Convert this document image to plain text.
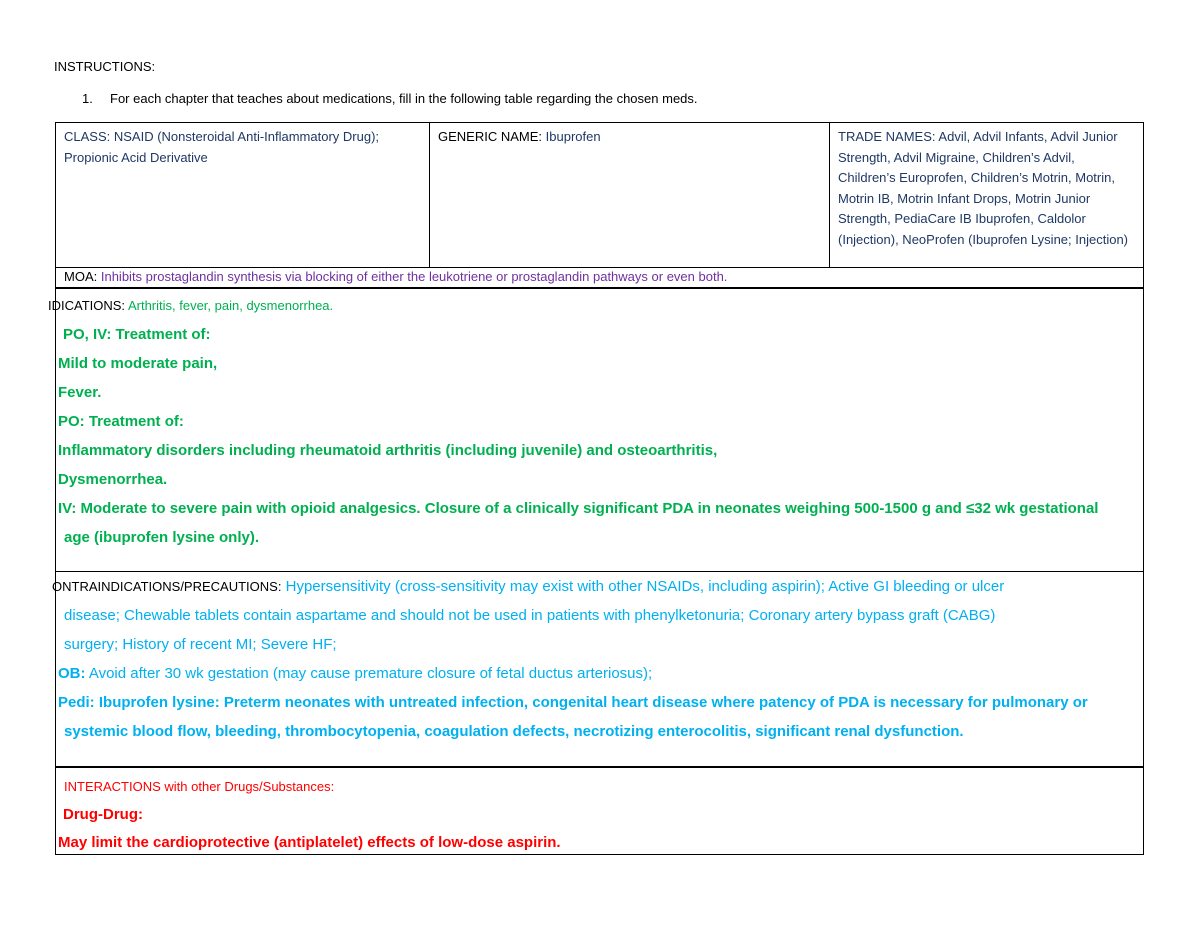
INSTRUCTIONS:
1. For each chapter that teaches about medications, fill in the following table regarding the chosen meds.
CLASS: NSAID (Nonsteroidal Anti-Inflammatory Drug); Propionic Acid Derivative
GENERIC NAME: Ibuprofen	TRADE NAMES: Advil, Advil Infants, Advil Junior Strength, Advil Migraine, Children’s Advil, Children’s Europrofen, Children’s Motrin, Motrin, Motrin IB, Motrin Infant Drops, Motrin Junior Strength, PediaCare IB Ibuprofen, Caldolor (Injection), NeoProfen (Ibuprofen Lysine; Injection)
MOA: Inhibits prostaglandin synthesis via blocking of either the leukotriene or prostaglandin pathways or even both.
IDICATIONS: Arthritis, fever, pain, dysmenorrhea.
PO, IV: Treatment of:
Mild to moderate pain,
Fever.
PO: Treatment of:
Inflammatory disorders including rheumatoid arthritis (including juvenile) and osteoarthritis,
Dysmenorrhea.
IV: Moderate to severe pain with opioid analgesics. Closure of a clinically significant PDA in neonates weighing 500-1500 g and ≤32 wk gestational
age (ibuprofen lysine only).
ONTRAINDICATIONS/PRECAUTIONS: Hypersensitivity (cross-sensitivity may exist with other NSAIDs, including aspirin); Active GI bleeding or ulcer
disease; Chewable tablets contain aspartame and should not be used in patients with phenylketonuria; Coronary artery bypass graft (CABG)
surgery; History of recent MI; Severe HF;
OB: Avoid after 30 wk gestation (may cause premature closure of fetal ductus arteriosus);
Pedi: Ibuprofen lysine: Preterm neonates with untreated infection, congenital heart disease where patency of PDA is necessary for pulmonary or
systemic blood flow, bleeding, thrombocytopenia, coagulation defects, necrotizing enterocolitis, significant renal dysfunction.
INTERACTIONS with other Drugs/Substances:
Drug-Drug:
May limit the cardioprotective (antiplatelet) effects of low-dose aspirin.
